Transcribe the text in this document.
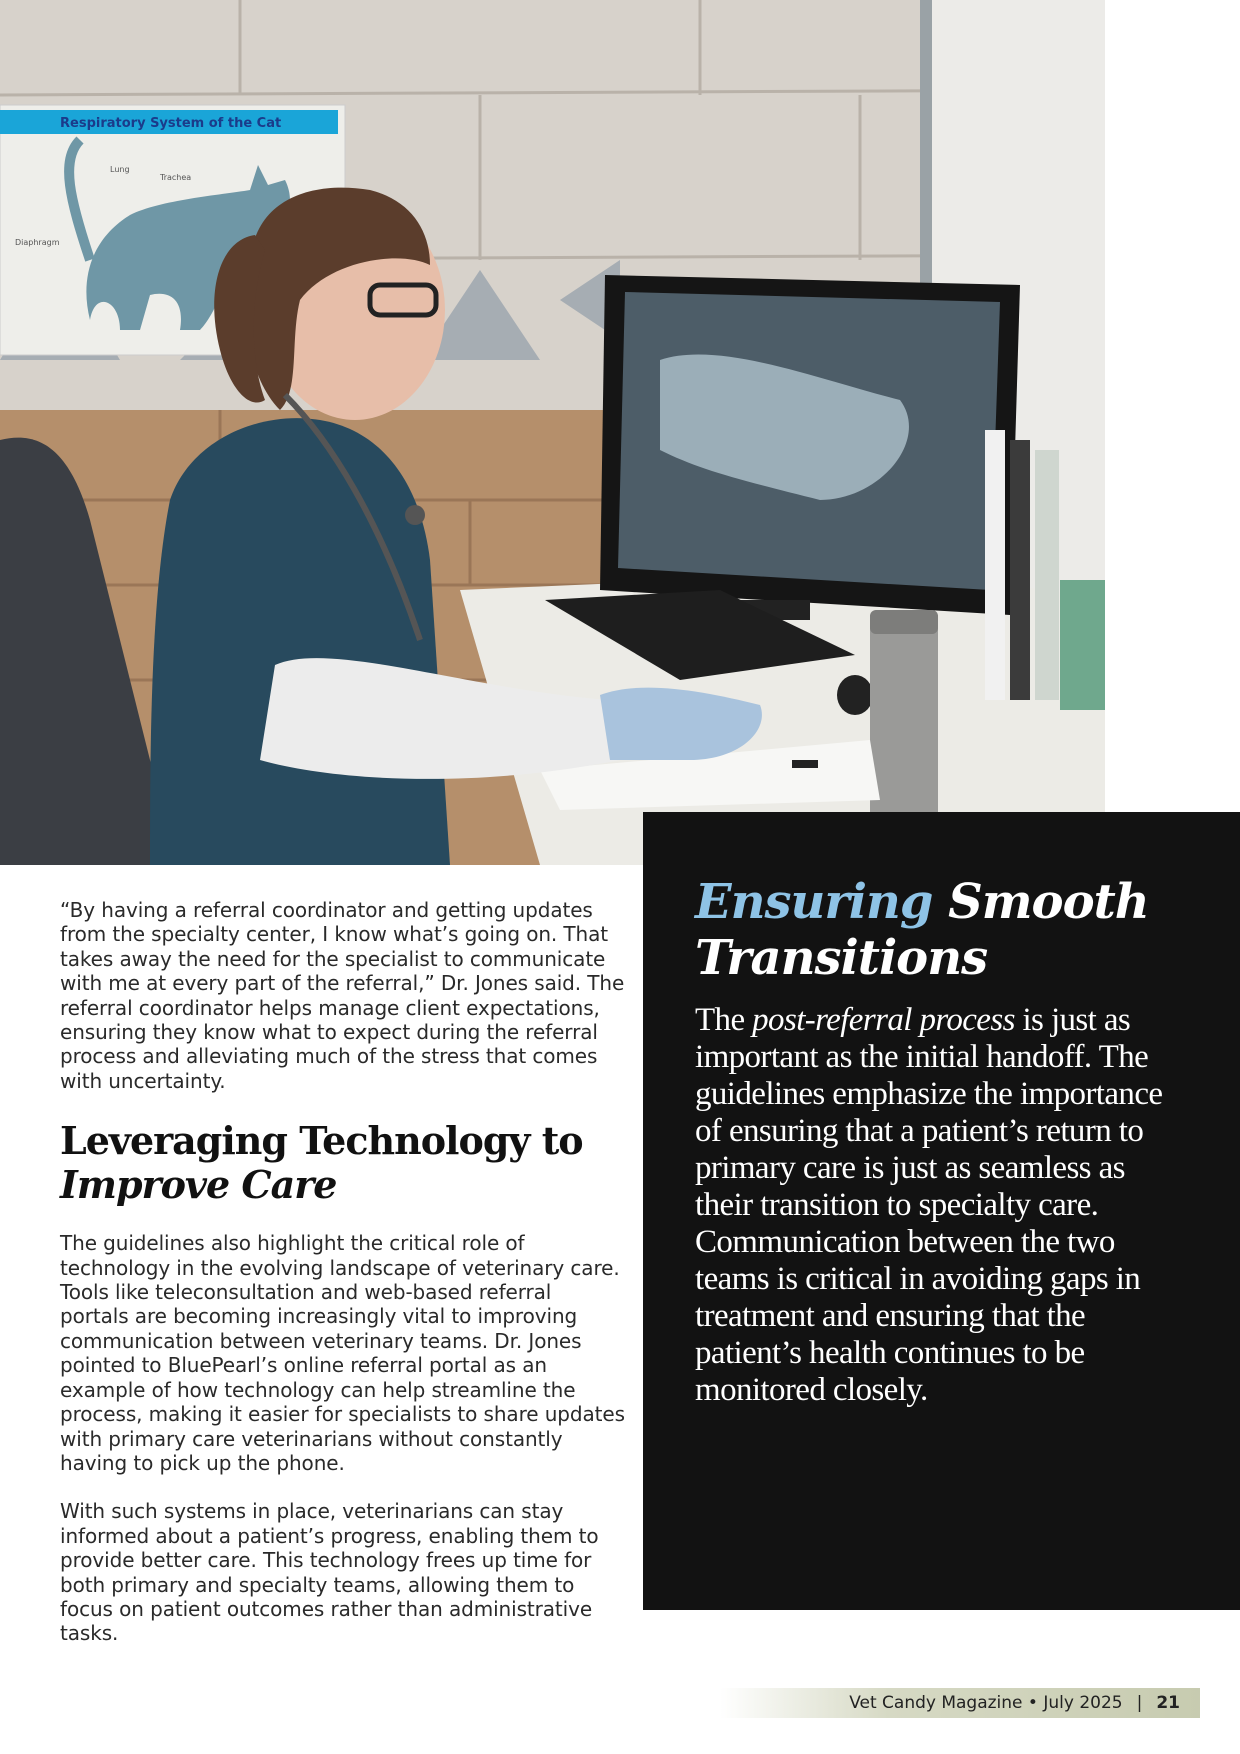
Respiratory System of the Cat
Lung
Diaphragm
Trachea

“By having a referral coordinator and getting updates from the specialty center, I know what’s going on. That takes away the need for the specialist to communicate with me at every part of the referral,” Dr. Jones said. The referral coordinator helps manage client expectations, ensuring they know what to expect during the referral process and alleviating much of the stress that comes with uncertainty.

Leveraging Technology to
Improve Care

The guidelines also highlight the critical role of technology in the evolving landscape of veterinary care. Tools like teleconsultation and web-based referral portals are becoming increasingly vital to improving communication between veterinary teams. Dr. Jones pointed to BluePearl’s online referral portal as an example of how technology can help streamline the process, making it easier for specialists to share updates with primary care veterinarians without constantly having to pick up the phone.

With such systems in place, veterinarians can stay informed about a patient’s progress, enabling them to provide better care. This technology frees up time for both primary and specialty teams, allowing them to focus on patient outcomes rather than administrative tasks.

Ensuring Smooth Transitions

The post-referral process is just as important as the initial handoff. The guidelines emphasize the importance of ensuring that a patient’s return to primary care is just as seamless as their transition to specialty care. Communication between the two teams is critical in avoiding gaps in treatment and ensuring that the patient’s health continues to be monitored closely.

Vet Candy Magazine • July 2025 | 21
